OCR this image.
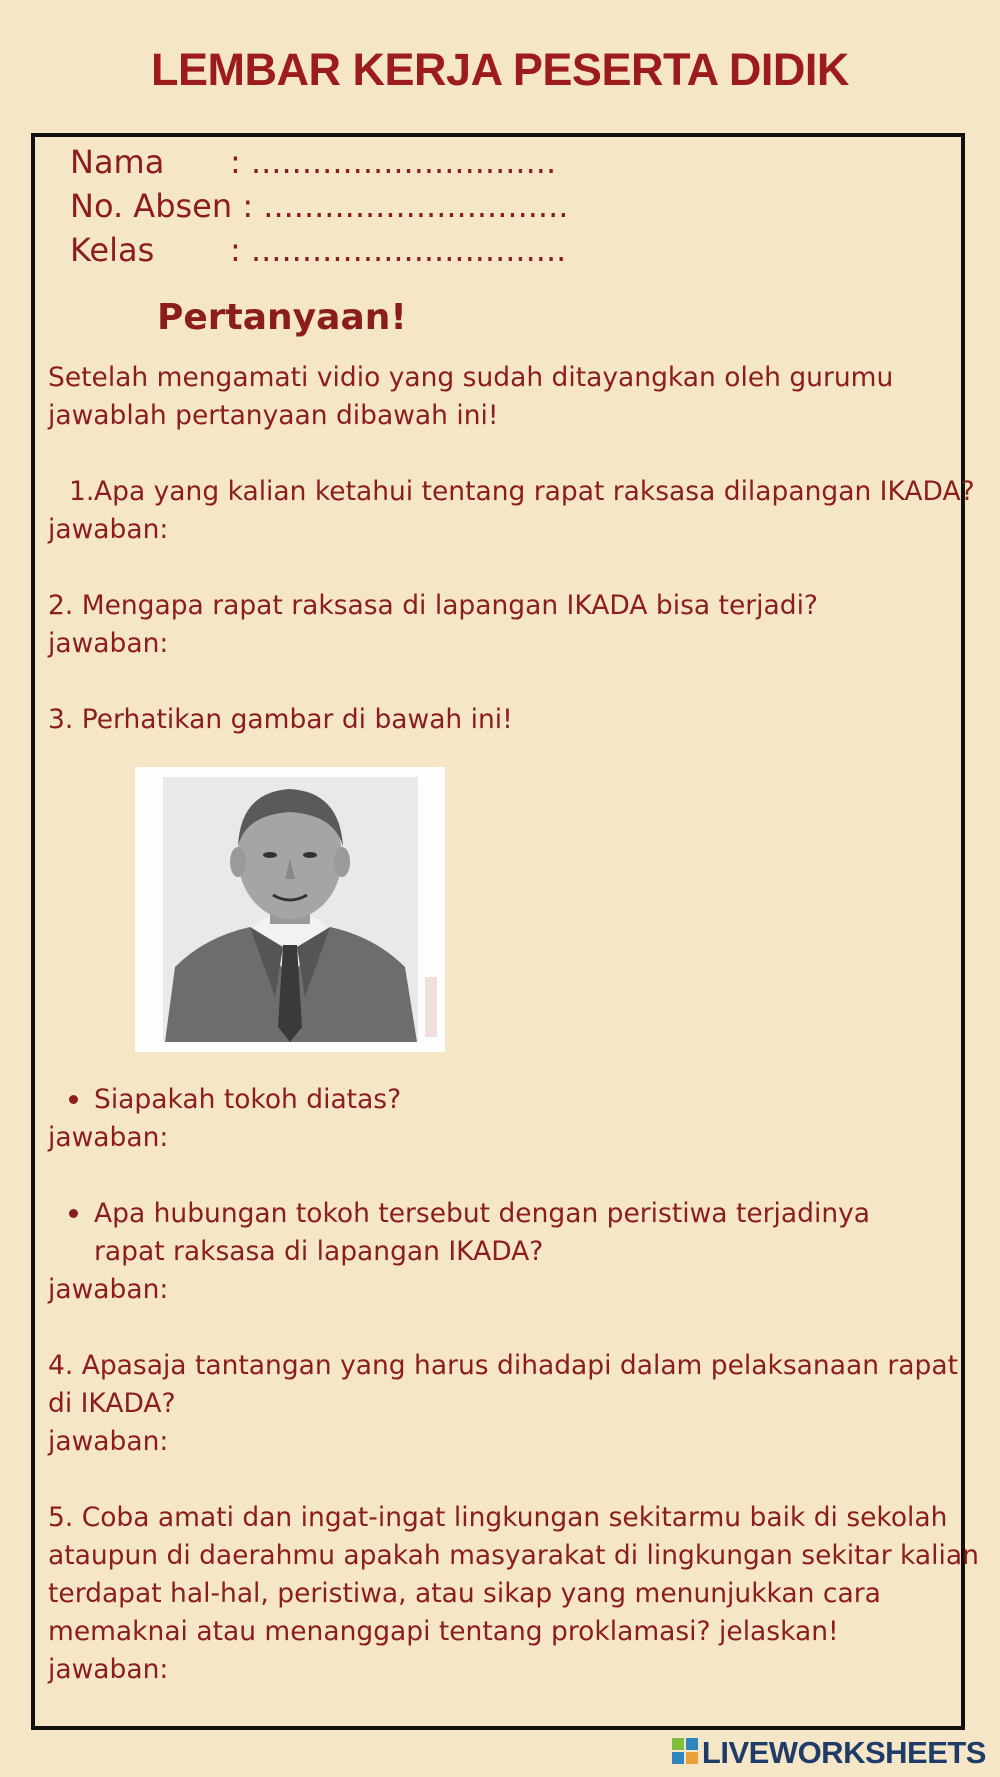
LEMBAR KERJA PESERTA DIDIK
Nama : ..............................
No. Absen : ..............................
Kelas : ...............................
Pertanyaan!
Setelah mengamati vidio yang sudah ditayangkan oleh gurumu
jawablah pertanyaan dibawah ini!
1. Apa yang kalian ketahui tentang rapat raksasa dilapangan IKADA?
jawaban:
2. Mengapa rapat raksasa di lapangan IKADA bisa terjadi?
jawaban:
3. Perhatikan gambar di bawah ini!
Siapakah tokoh diatas?
jawaban:
Apa hubungan tokoh tersebut dengan peristiwa terjadinya
rapat raksasa di lapangan IKADA?
jawaban:
4. Apasaja tantangan yang harus dihadapi dalam pelaksanaan rapat
di IKADA?
jawaban:
5. Coba amati dan ingat-ingat lingkungan sekitarmu baik di sekolah
ataupun di daerahmu apakah masyarakat di lingkungan sekitar kalian
terdapat hal-hal, peristiwa, atau sikap yang menunjukkan cara
memaknai atau menanggapi tentang proklamasi? jelaskan!
jawaban:
LIVEWORKSHEETS
